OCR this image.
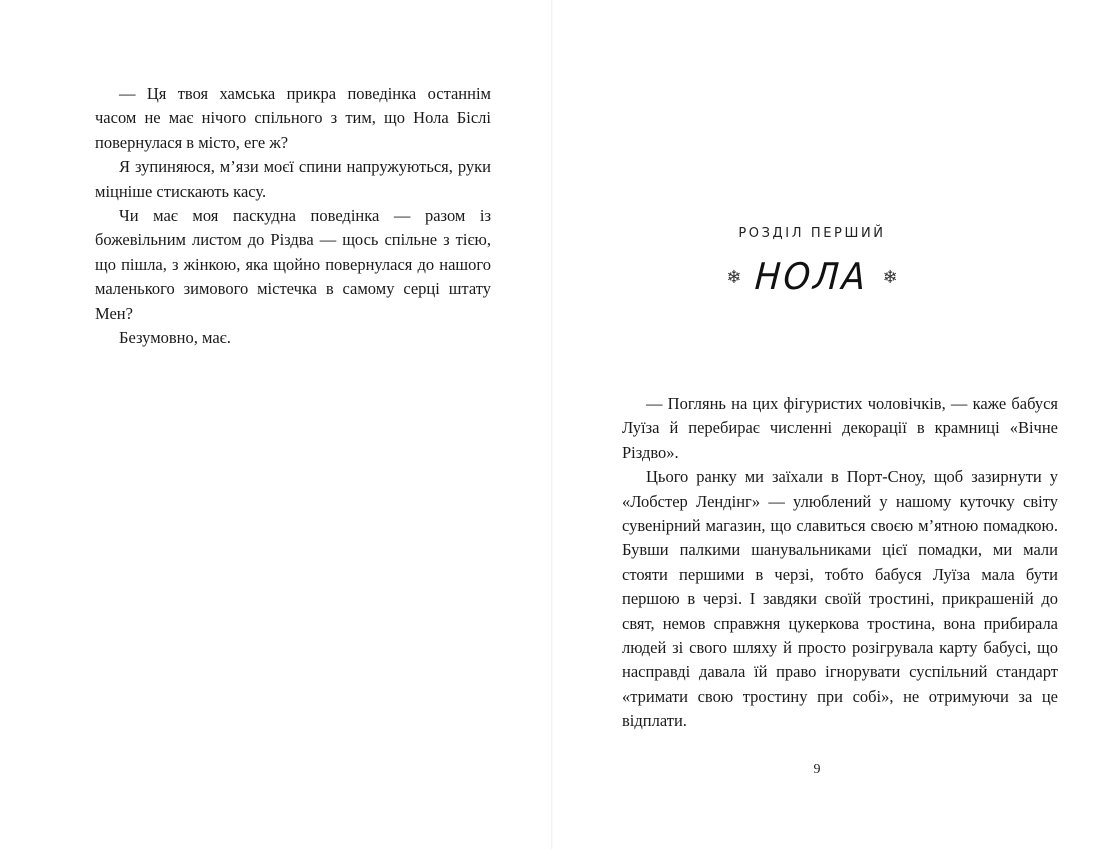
— Ця твоя хамська прикра поведінка останнім часом не має нічого спільного з тим, що Нола Біслі повернулася в місто, еге ж?

Я зупиняюся, м’язи моєї спини напружуються, руки міцніше стискають касу.

Чи має моя паскудна поведінка — разом із божевільним листом до Різдва — щось спільне з тією, що пішла, з жінкою, яка щойно повернулася до нашого маленького зимового містечка в самому серці штату Мен?

Безумовно, має.

РОЗДІЛ ПЕРШИЙ
❄ НОЛА ❄

— Поглянь на цих фігуристих чоловічків, — каже бабуся Луїза й перебирає численні декорації в крамниці «Вічне Різдво».

Цього ранку ми заїхали в Порт-Сноу, щоб зазирнути у «Лобстер Лендінг» — улюблений у нашому куточку світу сувенірний магазин, що славиться своєю м’ятною помадкою. Бувши палкими шанувальниками цієї помадки, ми мали стояти першими в черзі, тобто бабуся Луїза мала бути першою в черзі. І завдяки своїй тростині, прикрашеній до свят, немов справжня цукеркова тростина, вона прибирала людей зі свого шляху й просто розігрувала карту бабусі, що насправді давала їй право ігнорувати суспільний стандарт «тримати свою тростину при собі», не отримуючи за це відплати.

9
